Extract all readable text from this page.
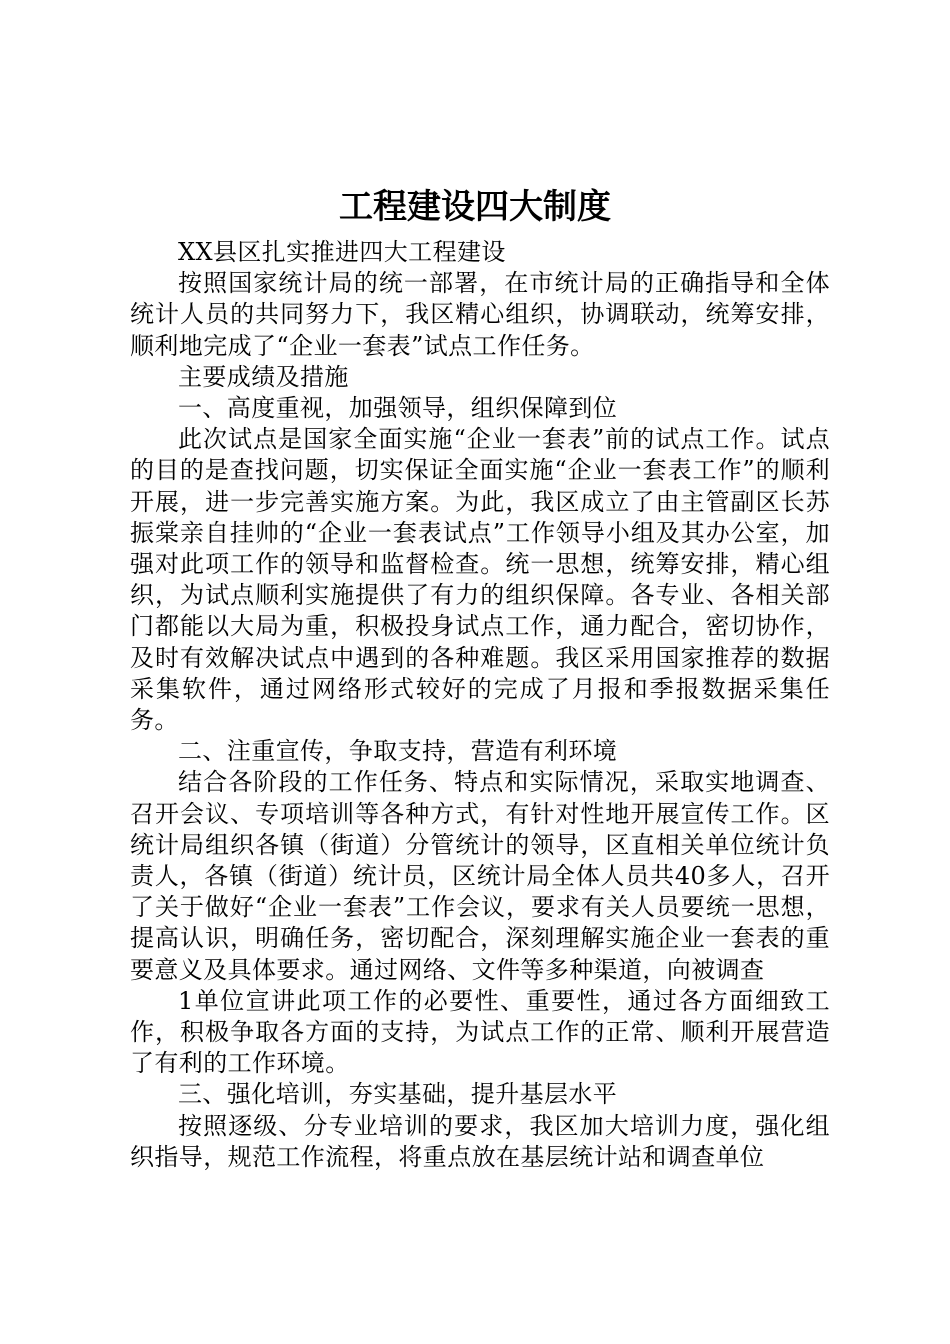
工程建设四大制度

XX县区扎实推进四大工程建设

按照国家统计局的统一部署，在市统计局的正确指导和全体统计人员的共同努力下，我区精心组织，协调联动，统筹安排，顺利地完成了“企业一套表”试点工作任务。

主要成绩及措施

一、高度重视，加强领导，组织保障到位

此次试点是国家全面实施“企业一套表”前的试点工作。试点的目的是查找问题，切实保证全面实施“企业一套表工作”的顺利开展，进一步完善实施方案。为此，我区成立了由主管副区长苏振棠亲自挂帅的“企业一套表试点”工作领导小组及其办公室，加强对此项工作的领导和监督检查。统一思想，统筹安排，精心组织，为试点顺利实施提供了有力的组织保障。各专业、各相关部门都能以大局为重，积极投身试点工作，通力配合，密切协作，及时有效解决试点中遇到的各种难题。我区采用国家推荐的数据采集软件，通过网络形式较好的完成了月报和季报数据采集任务。

二、注重宣传，争取支持，营造有利环境

结合各阶段的工作任务、特点和实际情况，采取实地调查、召开会议、专项培训等各种方式，有针对性地开展宣传工作。区统计局组织各镇（街道）分管统计的领导，区直相关单位统计负责人，各镇（街道）统计员，区统计局全体人员共40多人，召开了关于做好“企业一套表”工作会议，要求有关人员要统一思想，提高认识，明确任务，密切配合，深刻理解实施企业一套表的重要意义及具体要求。通过网络、文件等多种渠道，向被调查

1单位宣讲此项工作的必要性、重要性，通过各方面细致工作，积极争取各方面的支持，为试点工作的正常、顺利开展营造了有利的工作环境。

三、强化培训，夯实基础，提升基层水平

按照逐级、分专业培训的要求，我区加大培训力度，强化组织指导，规范工作流程，将重点放在基层统计站和调查单位
